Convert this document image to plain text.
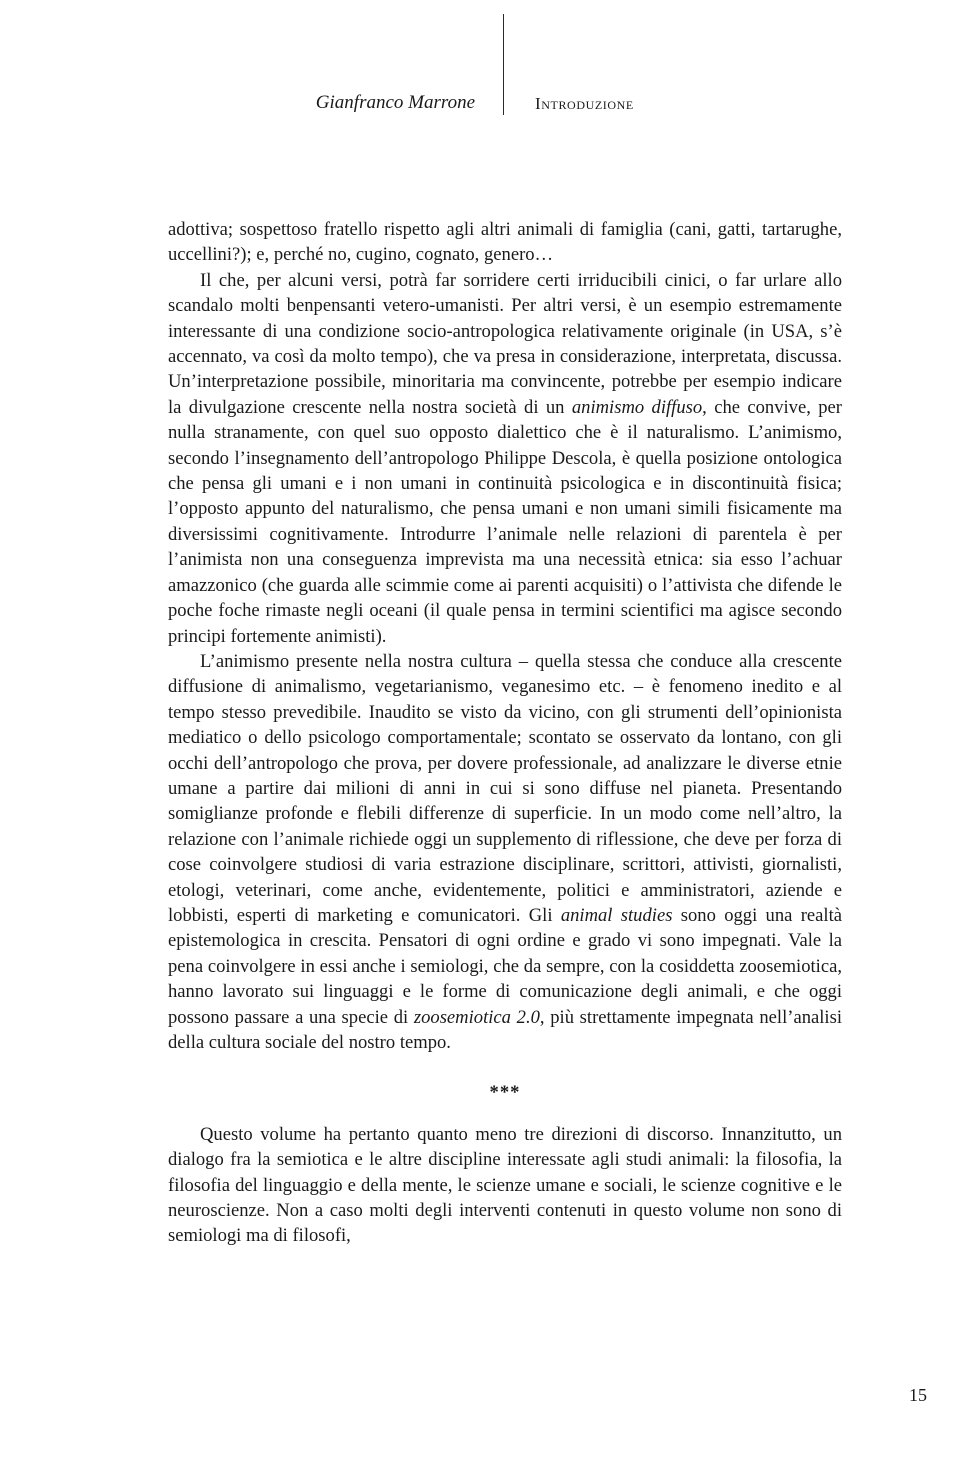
Gianfranco Marrone	Introduzione

adottiva; sospettoso fratello rispetto agli altri animali di famiglia (cani, gatti, tartarughe, uccellini?); e, perché no, cugino, cognato, genero…

Il che, per alcuni versi, potrà far sorridere certi irriducibili cinici, o far urlare allo scandalo molti benpensanti vetero-umanisti. Per altri versi, è un esempio estremamente interessante di una condizione socio-antropologica relativamente originale (in USA, s’è accennato, va così da molto tempo), che va presa in considerazione, interpretata, discussa. Un’interpretazione possibile, minoritaria ma convincente, potrebbe per esempio indicare la divulgazione crescente nella nostra società di un animismo diffuso, che convive, per nulla stranamente, con quel suo opposto dialettico che è il naturalismo. L’animismo, secondo l’insegnamento dell’antropologo Philippe Descola, è quella posizione ontologica che pensa gli umani e i non umani in continuità psicologica e in discontinuità fisica; l’opposto appunto del naturalismo, che pensa umani e non umani simili fisicamente ma diversissimi cognitivamente. Introdurre l’animale nelle relazioni di parentela è per l’animista non una conseguenza imprevista ma una necessità etnica: sia esso l’achuar amazzonico (che guarda alle scimmie come ai parenti acquisiti) o l’attivista che difende le poche foche rimaste negli oceani (il quale pensa in termini scientifici ma agisce secondo principi fortemente animisti).

L’animismo presente nella nostra cultura – quella stessa che conduce alla crescente diffusione di animalismo, vegetarianismo, veganesimo etc. – è fenomeno inedito e al tempo stesso prevedibile. Inaudito se visto da vicino, con gli strumenti dell’opinionista mediatico o dello psicologo comportamentale; scontato se osservato da lontano, con gli occhi dell’antropologo che prova, per dovere professionale, ad analizzare le diverse etnie umane a partire dai milioni di anni in cui si sono diffuse nel pianeta. Presentando somiglianze profonde e flebili differenze di superficie. In un modo come nell’altro, la relazione con l’animale richiede oggi un supplemento di riflessione, che deve per forza di cose coinvolgere studiosi di varia estrazione disciplinare, scrittori, attivisti, giornalisti, etologi, veterinari, come anche, evidentemente, politici e amministratori, aziende e lobbisti, esperti di marketing e comunicatori. Gli animal studies sono oggi una realtà epistemologica in crescita. Pensatori di ogni ordine e grado vi sono impegnati. Vale la pena coinvolgere in essi anche i semiologi, che da sempre, con la cosiddetta zoosemiotica, hanno lavorato sui linguaggi e le forme di comunicazione degli animali, e che oggi possono passare a una specie di zoosemiotica 2.0, più strettamente impegnata nell’analisi della cultura sociale del nostro tempo.

***

Questo volume ha pertanto quanto meno tre direzioni di discorso. Innanzitutto, un dialogo fra la semiotica e le altre discipline interessate agli studi animali: la filosofia, la filosofia del linguaggio e della mente, le scienze umane e sociali, le scienze cognitive e le neuroscienze. Non a caso molti degli interventi contenuti in questo volume non sono di semiologi ma di filosofi,

15
